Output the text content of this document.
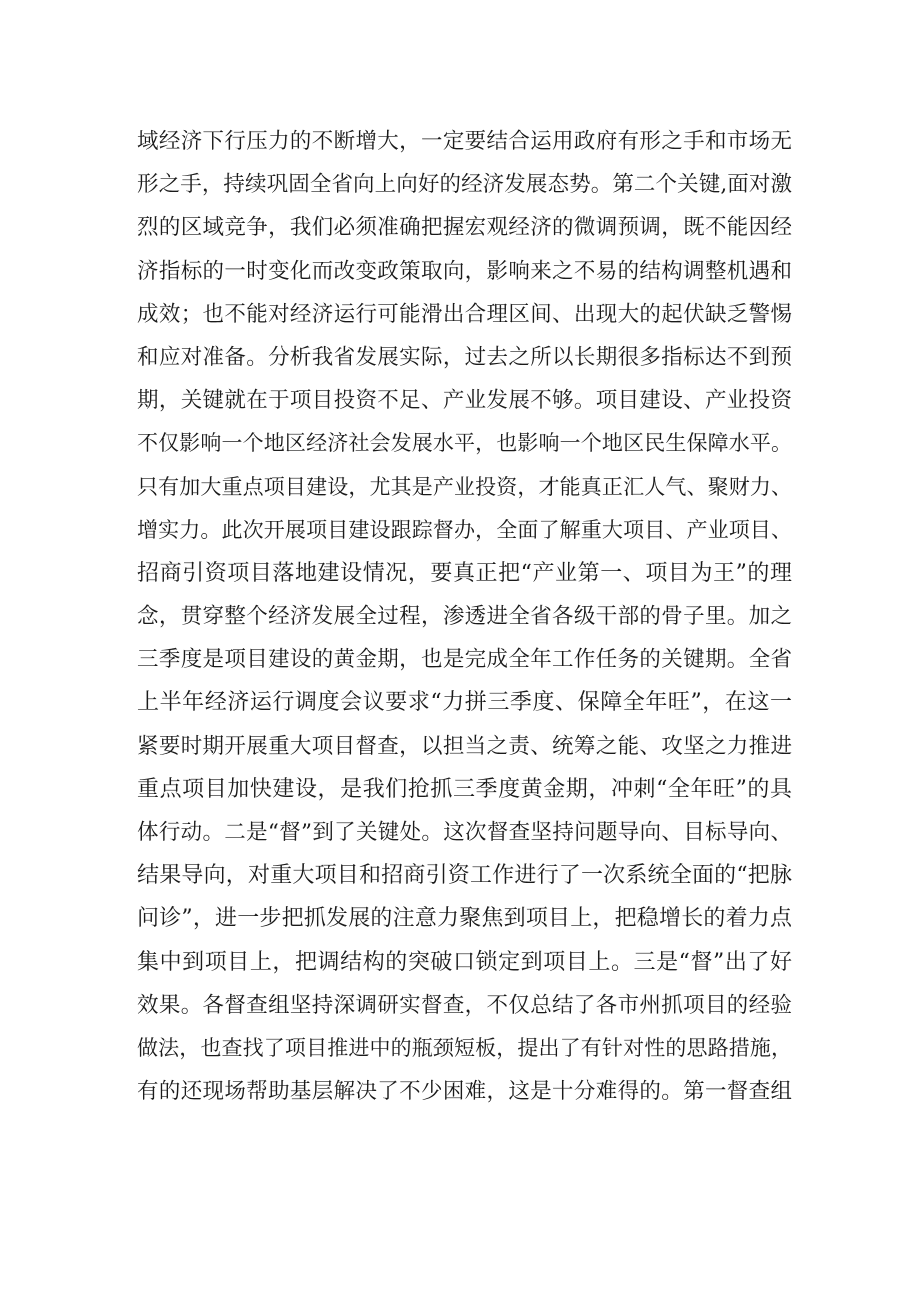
域经济下行压力的不断增大，一定要结合运用政府有形之手和市场无
形之手，持续巩固全省向上向好的经济发展态势。第二个关键,面对激
烈的区域竞争，我们必须准确把握宏观经济的微调预调，既不能因经
济指标的一时变化而改变政策取向，影响来之不易的结构调整机遇和
成效；也不能对经济运行可能滑出合理区间、出现大的起伏缺乏警惕
和应对准备。分析我省发展实际，过去之所以长期很多指标达不到预
期，关键就在于项目投资不足、产业发展不够。项目建设、产业投资
不仅影响一个地区经济社会发展水平，也影响一个地区民生保障水平。
只有加大重点项目建设，尤其是产业投资，才能真正汇人气、聚财力、
增实力。此次开展项目建设跟踪督办，全面了解重大项目、产业项目、
招商引资项目落地建设情况，要真正把“产业第一、项目为王”的理
念，贯穿整个经济发展全过程，渗透进全省各级干部的骨子里。加之
三季度是项目建设的黄金期，也是完成全年工作任务的关键期。全省
上半年经济运行调度会议要求“力拼三季度、保障全年旺”，在这一
紧要时期开展重大项目督查，以担当之责、统筹之能、攻坚之力推进
重点项目加快建设，是我们抢抓三季度黄金期，冲刺“全年旺”的具
体行动。二是“督”到了关键处。这次督查坚持问题导向、目标导向、
结果导向，对重大项目和招商引资工作进行了一次系统全面的“把脉
问诊”，进一步把抓发展的注意力聚焦到项目上，把稳增长的着力点
集中到项目上，把调结构的突破口锁定到项目上。三是“督”出了好
效果。各督查组坚持深调研实督查，不仅总结了各市州抓项目的经验
做法，也查找了项目推进中的瓶颈短板，提出了有针对性的思路措施，
有的还现场帮助基层解决了不少困难，这是十分难得的。第一督查组
